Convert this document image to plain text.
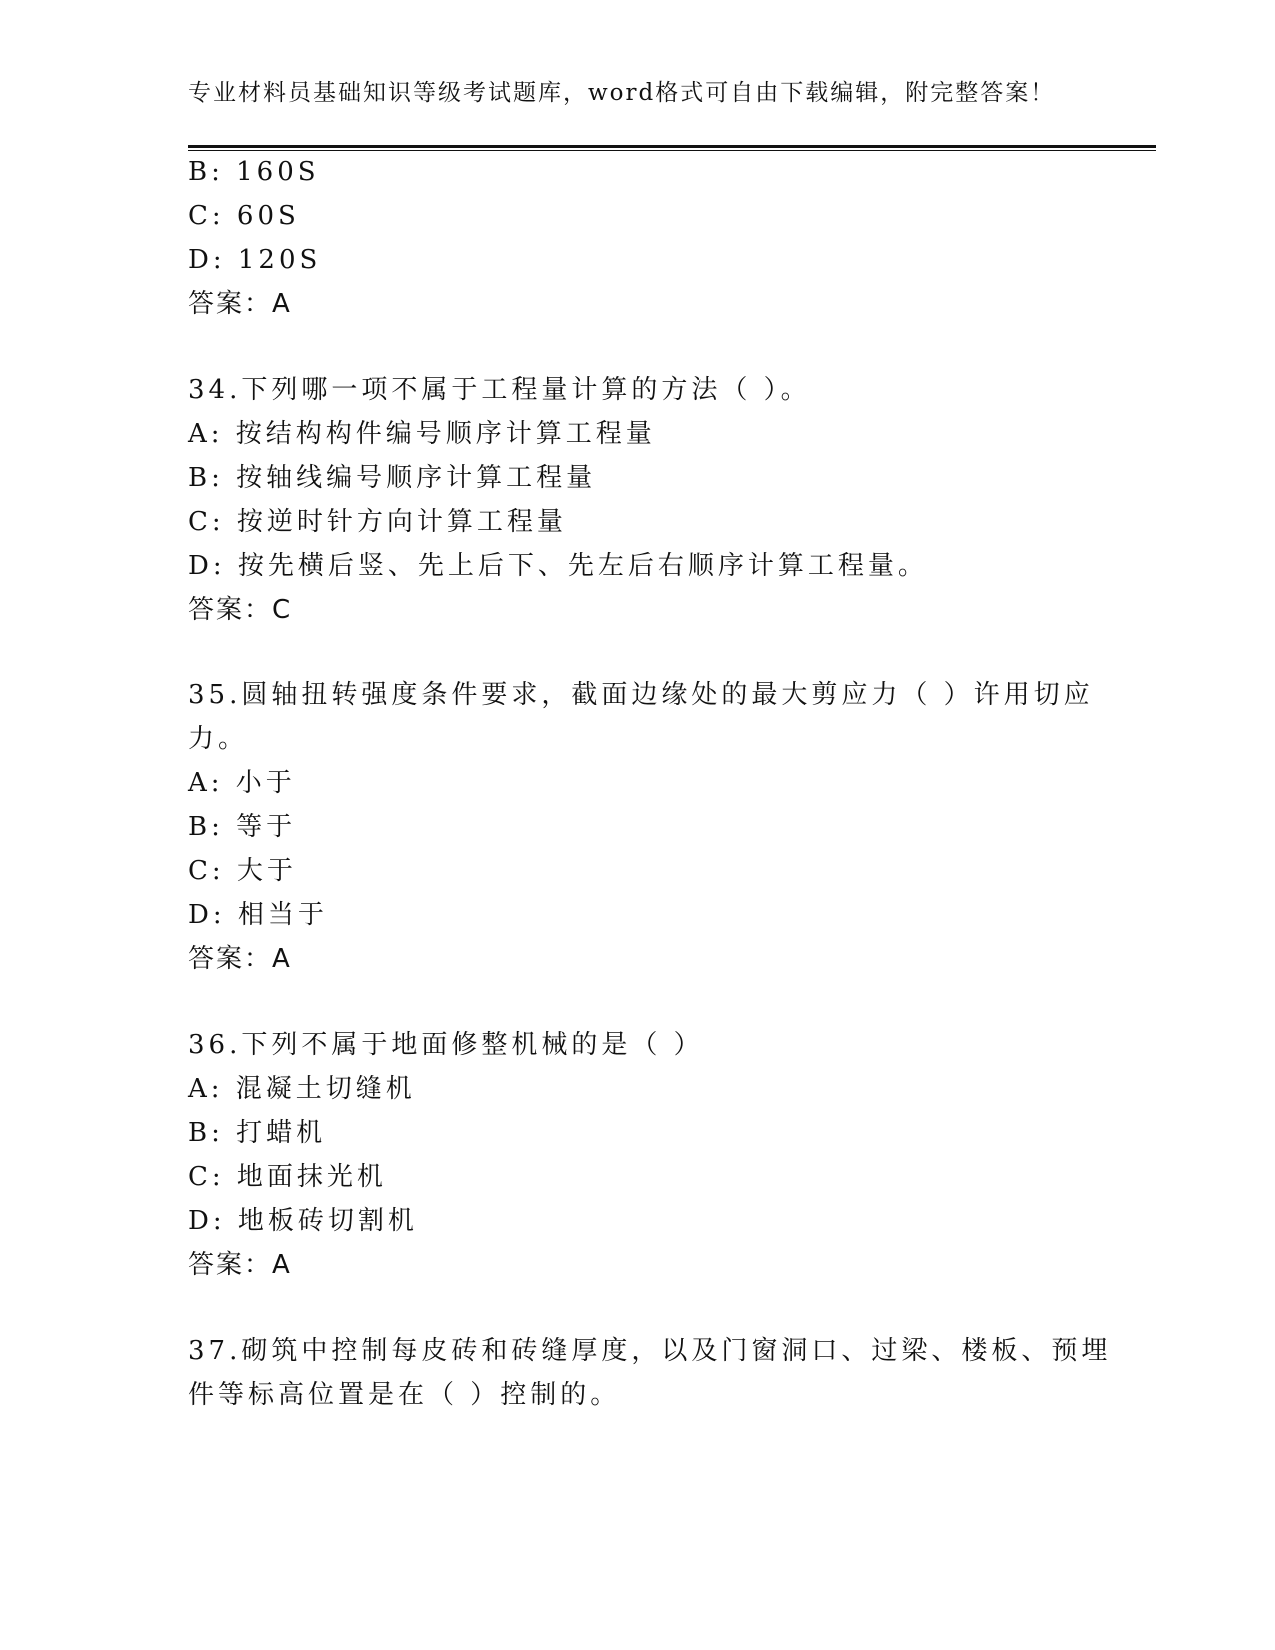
专业材料员基础知识等级考试题库，word格式可自由下载编辑，附完整答案！
B: 160S
C: 60S
D: 120S
答案：A
34.下列哪一项不属于工程量计算的方法（ ）。
A: 按结构构件编号顺序计算工程量
B: 按轴线编号顺序计算工程量
C: 按逆时针方向计算工程量
D: 按先横后竖、先上后下、先左后右顺序计算工程量。
答案：C
35.圆轴扭转强度条件要求，截面边缘处的最大剪应力（ ）许用切应
力。
A: 小于
B: 等于
C: 大于
D: 相当于
答案：A
36.下列不属于地面修整机械的是（ ）
A: 混凝土切缝机
B: 打蜡机
C: 地面抹光机
D: 地板砖切割机
答案：A
37.砌筑中控制每皮砖和砖缝厚度，以及门窗洞口、过梁、楼板、预埋
件等标高位置是在（ ）控制的。
